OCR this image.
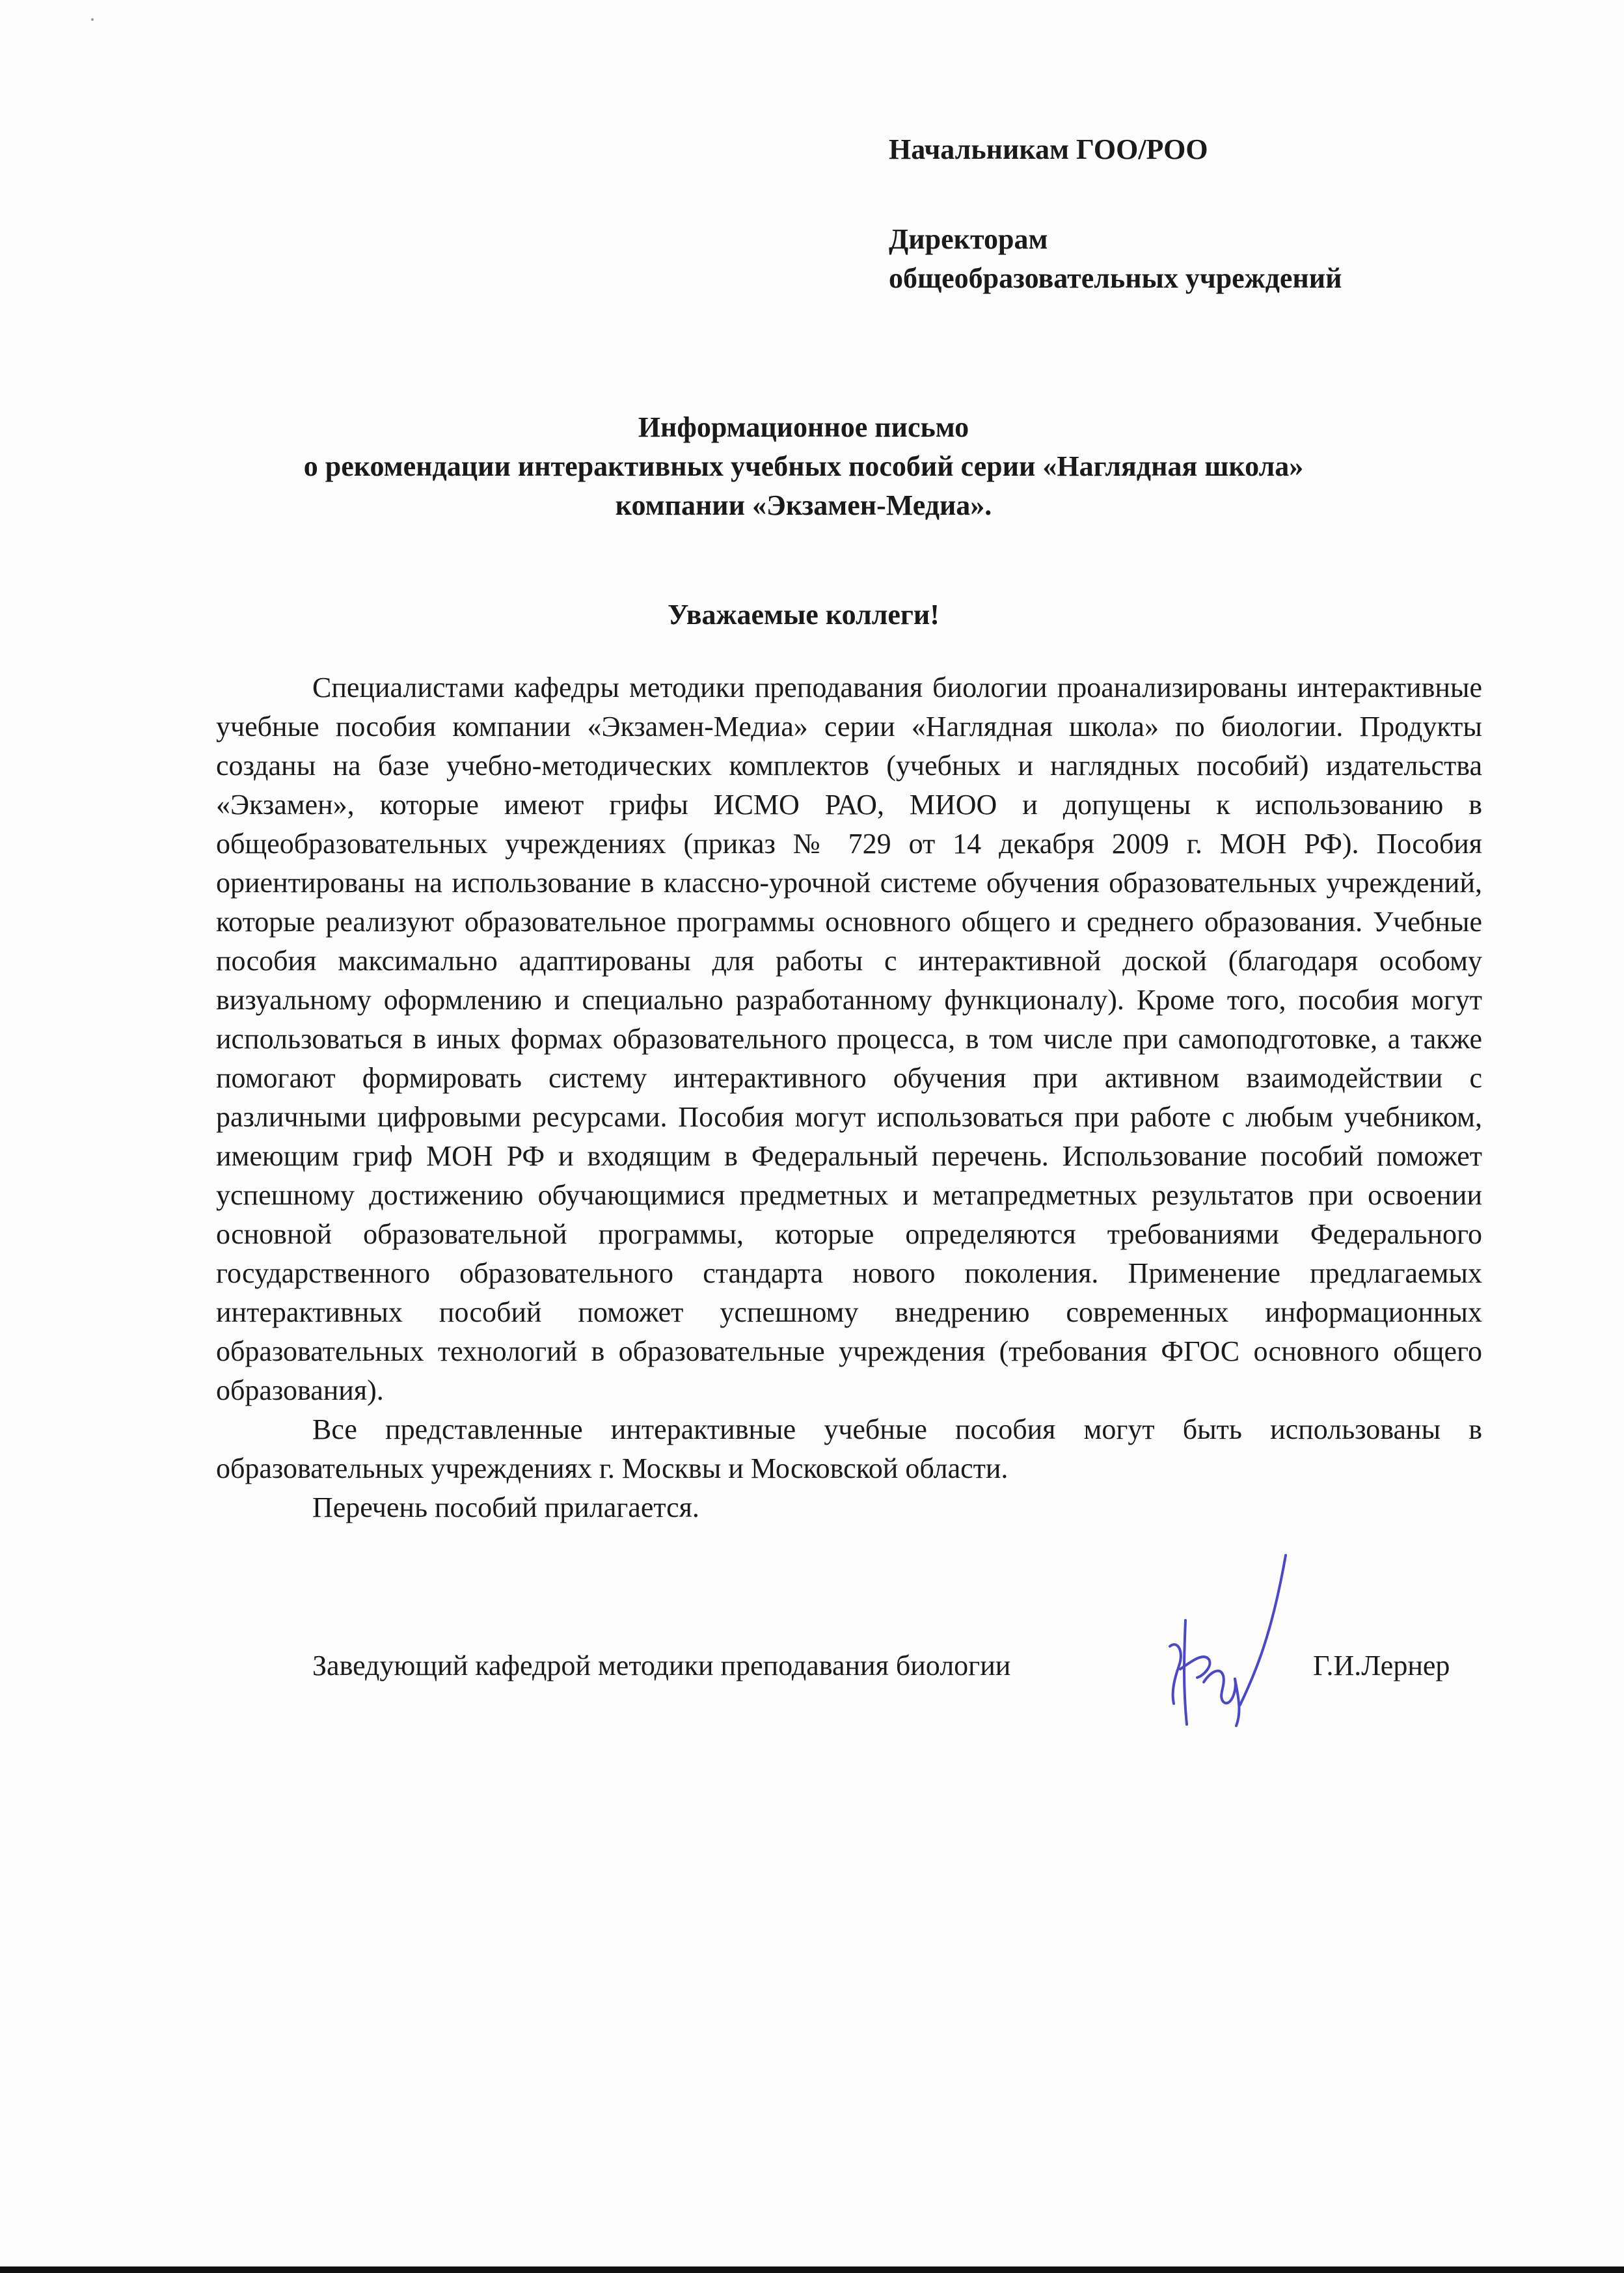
Начальникам ГОО/РОО
Директорам
общеобразовательных учреждений
Информационное письмо
о рекомендации интерактивных учебных пособий серии «Наглядная школа»
компании «Экзамен-Медиа».
Уважаемые коллеги!

Специалистами кафедры методики преподавания биологии проанализированы интерактивные учебные пособия компании «Экзамен-Медиа» серии «Наглядная школа» по биологии. Продукты созданы на базе учебно-методических комплектов (учебных и наглядных пособий) издательства «Экзамен», которые имеют грифы ИСМО РАО, МИОО и допущены к использованию в общеобразовательных учреждениях (приказ № 729 от 14 декабря 2009 г. МОН РФ). Пособия ориентированы на использование в классно-урочной системе обучения образовательных учреждений, которые реализуют образовательное программы основного общего и среднего образования. Учебные пособия максимально адаптированы для работы с интерактивной доской (благодаря особому визуальному оформлению и специально разработанному функционалу). Кроме того, пособия могут использоваться в иных формах образовательного процесса, в том числе при самоподготовке, а также помогают формировать систему интерактивного обучения при активном взаимодействии с различными цифровыми ресурсами. Пособия могут использоваться при работе с любым учебником, имеющим гриф МОН РФ и входящим в Федеральный перечень. Использование пособий поможет успешному достижению обучающимися предметных и метапредметных результатов при освоении основной образовательной программы, которые определяются требованиями Федерального государственного образовательного стандарта нового поколения. Применение предлагаемых интерактивных пособий поможет успешному внедрению современных информационных образовательных технологий в образовательные учреждения (требования ФГОС основного общего образования).

Все представленные интерактивные учебные пособия могут быть использованы в образовательных учреждениях г. Москвы и Московской области.

Перечень пособий прилагается.

Заведующий кафедрой методики преподавания биологии	Г.И.Лернер
